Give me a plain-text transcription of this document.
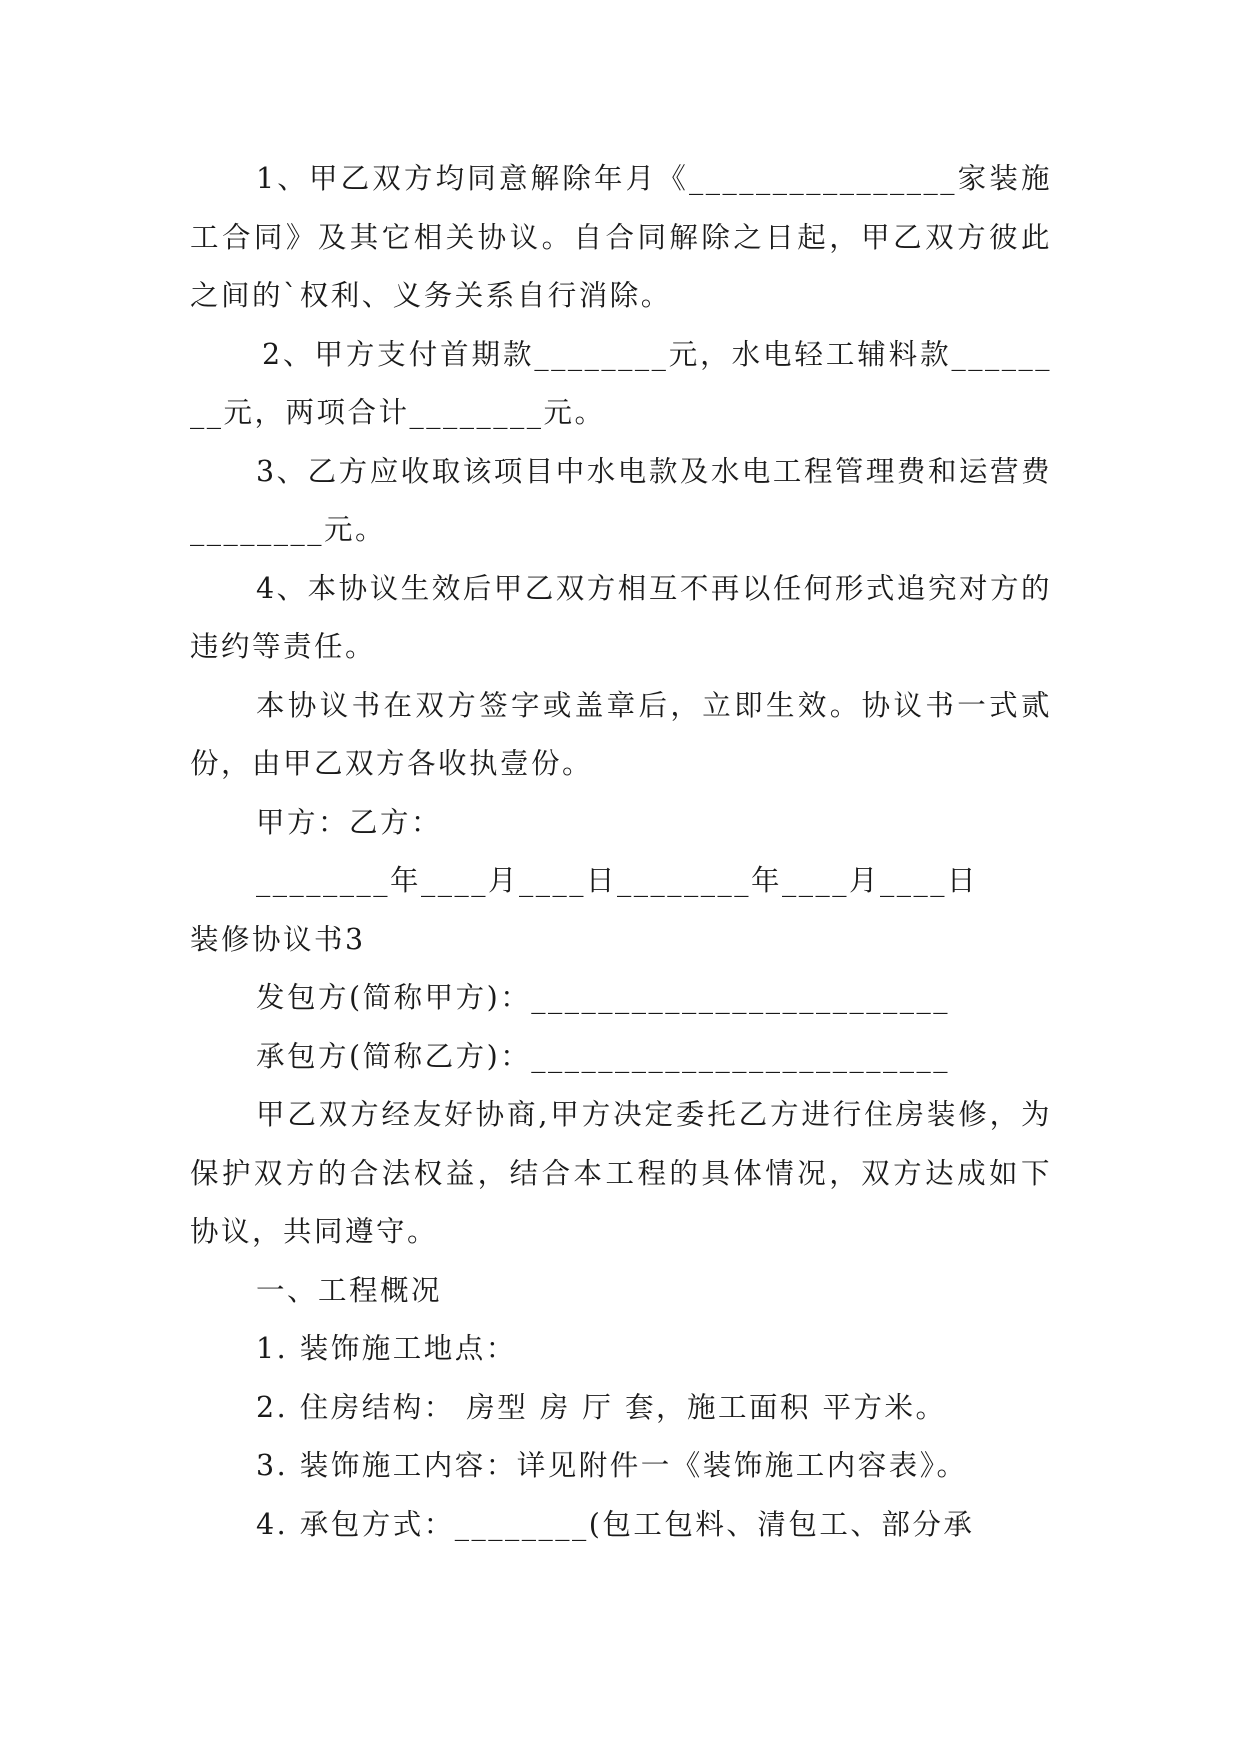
1、甲乙双方均同意解除年月《________________家装施工合同》及其它相关协议。自合同解除之日起，甲乙双方彼此之间的`权利、义务关系自行消除。

2、甲方支付首期款________元，水电轻工辅料款________元，两项合计________元。

3、乙方应收取该项目中水电款及水电工程管理费和运营费________元。

4、本协议生效后甲乙双方相互不再以任何形式追究对方的违约等责任。

本协议书在双方签字或盖章后，立即生效。协议书一式贰份，由甲乙双方各收执壹份。

甲方：乙方：

________年____月____日________年____月____日

装修协议书3

发包方(简称甲方)：_________________________

承包方(简称乙方)：_________________________

甲乙双方经友好协商,甲方决定委托乙方进行住房装修，为保护双方的合法权益，结合本工程的具体情况，双方达成如下协议，共同遵守。

一、工程概况

1. 装饰施工地点：

2. 住房结构： 房型 房 厅 套，施工面积 平方米。

3. 装饰施工内容：详见附件一《装饰施工内容表》。

4. 承包方式：________(包工包料、清包工、部分承
